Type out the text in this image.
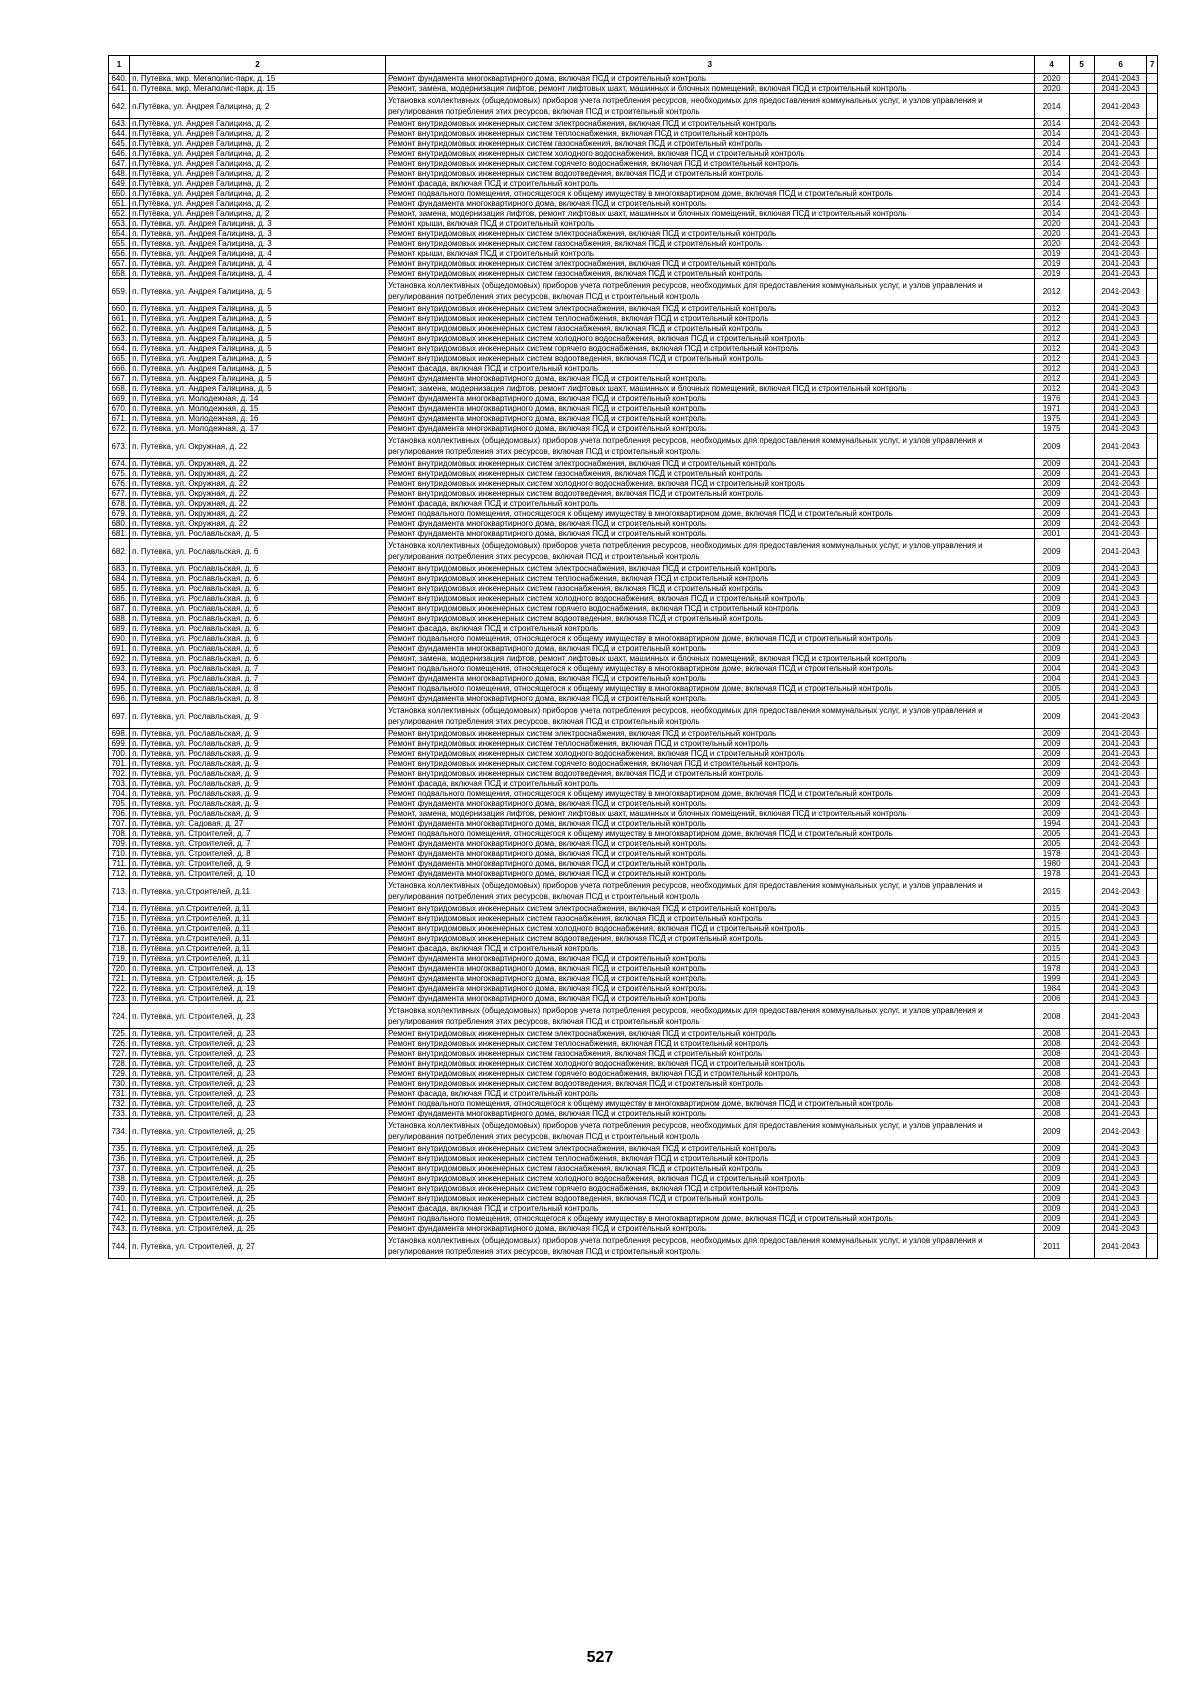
1	2	3	4	5	6	7
640.	п. Путевка, мкр. Мегаполис-парк, д. 15	Ремонт фундамента многоквартирного дома, включая ПСД и строительный контроль	2020		2041-2043	
641.	п. Путевка, мкр. Мегаполис-парк, д. 15	Ремонт, замена, модернизация лифтов, ремонт лифтовых шахт, машинных и блочных помещений, включая ПСД и строительный контроль	2020		2041-2043	
642.	п.Путёвка, ул. Андрея Галицина, д. 2	Установка коллективных (общедомовых) приборов учета потребления ресурсов, необходимых для предоставления коммунальных услуг, и узлов управления и регулирования потребления этих ресурсов, включая ПСД и строительный контроль	2014		2041-2043	
643.	п.Путёвка, ул. Андрея Галицина, д. 2	Ремонт внутридомовых инженерных систем электроснабжения, включая ПСД и строительный контроль	2014		2041-2043	
644.	п.Путёвка, ул. Андрея Галицина, д. 2	Ремонт внутридомовых инженерных систем теплоснабжения, включая ПСД и строительный контроль	2014		2041-2043	
645.	п.Путёвка, ул. Андрея Галицина, д. 2	Ремонт внутридомовых инженерных систем газоснабжения, включая ПСД и строительный контроль	2014		2041-2043	
646.	п.Путёвка, ул. Андрея Галицина, д. 2	Ремонт внутридомовых инженерных систем холодного водоснабжения, включая ПСД и строительный контроль	2014		2041-2043	
647.	п.Путёвка, ул. Андрея Галицина, д. 2	Ремонт внутридомовых инженерных систем горячего водоснабжения, включая ПСД и строительный контроль	2014		2041-2043	
648.	п.Путёвка, ул. Андрея Галицина, д. 2	Ремонт внутридомовых инженерных систем водоотведения, включая ПСД и строительный контроль	2014		2041-2043	
649.	п.Путёвка, ул. Андрея Галицина, д. 2	Ремонт фасада, включая ПСД и строительный контроль	2014		2041-2043	
650.	п.Путёвка, ул. Андрея Галицина, д. 2	Ремонт подвального помещения, относящегося к общему имуществу в многоквартирном доме, включая ПСД и строительный контроль	2014		2041-2043	
651.	п.Путёвка, ул. Андрея Галицина, д. 2	Ремонт фундамента многоквартирного дома, включая ПСД и строительный контроль	2014		2041-2043	
652.	п.Путёвка, ул. Андрея Галицина, д. 2	Ремонт, замена, модернизация лифтов, ремонт лифтовых шахт, машинных и блочных помещений, включая ПСД и строительный контроль	2014		2041-2043	
653.	п. Путевка, ул. Андрея Галицина, д. 3	Ремонт крыши, включая ПСД и строительный контроль	2020		2041-2043	
654.	п. Путевка, ул. Андрея Галицина, д. 3	Ремонт внутридомовых инженерных систем электроснабжения, включая ПСД и строительный контроль	2020		2041-2043	
655.	п. Путевка, ул. Андрея Галицина, д. 3	Ремонт внутридомовых инженерных систем газоснабжения, включая ПСД и строительный контроль	2020		2041-2043	
656.	п. Путевка, ул. Андрея Галицина, д. 4	Ремонт крыши, включая ПСД и строительный контроль	2019		2041-2043	
657.	п. Путевка, ул. Андрея Галицина, д. 4	Ремонт внутридомовых инженерных систем электроснабжения, включая ПСД и строительный контроль	2019		2041-2043	
658.	п. Путевка, ул. Андрея Галицина, д. 4	Ремонт внутридомовых инженерных систем газоснабжения, включая ПСД и строительный контроль	2019		2041-2043	
659.	п. Путевка, ул. Андрея Галицина, д. 5	Установка коллективных (общедомовых) приборов учета потребления ресурсов, необходимых для предоставления коммунальных услуг, и узлов управления и регулирования потребления этих ресурсов, включая ПСД и строительный контроль	2012		2041-2043	
660.	п. Путевка, ул. Андрея Галицина, д. 5	Ремонт внутридомовых инженерных систем электроснабжения, включая ПСД и строительный контроль	2012		2041-2043	
661.	п. Путевка, ул. Андрея Галицина, д. 5	Ремонт внутридомовых инженерных систем теплоснабжения, включая ПСД и строительный контроль	2012		2041-2043	
662.	п. Путевка, ул. Андрея Галицина, д. 5	Ремонт внутридомовых инженерных систем газоснабжения, включая ПСД и строительный контроль	2012		2041-2043	
663.	п. Путевка, ул. Андрея Галицина, д. 5	Ремонт внутридомовых инженерных систем холодного водоснабжения, включая ПСД и строительный контроль	2012		2041-2043	
664.	п. Путевка, ул. Андрея Галицина, д. 5	Ремонт внутридомовых инженерных систем горячего водоснабжения, включая ПСД и строительный контроль	2012		2041-2043	
665.	п. Путевка, ул. Андрея Галицина, д. 5	Ремонт внутридомовых инженерных систем водоотведения, включая ПСД и строительный контроль	2012		2041-2043	
666.	п. Путевка, ул. Андрея Галицина, д. 5	Ремонт фасада, включая ПСД и строительный контроль	2012		2041-2043	
667.	п. Путевка, ул. Андрея Галицина, д. 5	Ремонт фундамента многоквартирного дома, включая ПСД и строительный контроль	2012		2041-2043	
668.	п. Путевка, ул. Андрея Галицина, д. 5	Ремонт, замена, модернизация лифтов, ремонт лифтовых шахт, машинных и блочных помещений, включая ПСД и строительный контроль	2012		2041-2043	
669.	п. Путевка, ул. Молодежная, д. 14	Ремонт фундамента многоквартирного дома, включая ПСД и строительный контроль	1976		2041-2043	
670.	п. Путевка, ул. Молодежная, д. 15	Ремонт фундамента многоквартирного дома, включая ПСД и строительный контроль	1971		2041-2043	
671.	п. Путевка, ул. Молодежная, д. 16	Ремонт фундамента многоквартирного дома, включая ПСД и строительный контроль	1975		2041-2043	
672.	п. Путевка, ул. Молодежная, д. 17	Ремонт фундамента многоквартирного дома, включая ПСД и строительный контроль	1975		2041-2043	
673.	п. Путевка, ул. Окружная, д. 22	Установка коллективных (общедомовых) приборов учета потребления ресурсов, необходимых для предоставления коммунальных услуг, и узлов управления и регулирования потребления этих ресурсов, включая ПСД и строительный контроль	2009		2041-2043	
674.	п. Путевка, ул. Окружная, д. 22	Ремонт внутридомовых инженерных систем электроснабжения, включая ПСД и строительный контроль	2009		2041-2043	
675.	п. Путевка, ул. Окружная, д. 22	Ремонт внутридомовых инженерных систем газоснабжения, включая ПСД и строительный контроль	2009		2041-2043	
676.	п. Путевка, ул. Окружная, д. 22	Ремонт внутридомовых инженерных систем холодного водоснабжения, включая ПСД и строительный контроль	2009		2041-2043	
677.	п. Путевка, ул. Окружная, д. 22	Ремонт внутридомовых инженерных систем водоотведения, включая ПСД и строительный контроль	2009		2041-2043	
678.	п. Путевка, ул. Окружная, д. 22	Ремонт фасада, включая ПСД и строительный контроль	2009		2041-2043	
679.	п. Путевка, ул. Окружная, д. 22	Ремонт подвального помещения, относящегося к общему имуществу в многоквартирном доме, включая ПСД и строительный контроль	2009		2041-2043	
680.	п. Путевка, ул. Окружная, д. 22	Ремонт фундамента многоквартирного дома, включая ПСД и строительный контроль	2009		2041-2043	
681.	п. Путевка, ул. Рославльская, д. 5	Ремонт фундамента многоквартирного дома, включая ПСД и строительный контроль	2001		2041-2043	
682.	п. Путевка, ул. Рославльская, д. 6	Установка коллективных (общедомовых) приборов учета потребления ресурсов, необходимых для предоставления коммунальных услуг, и узлов управления и регулирования потребления этих ресурсов, включая ПСД и строительный контроль	2009		2041-2043	
683.	п. Путевка, ул. Рославльская, д. 6	Ремонт внутридомовых инженерных систем электроснабжения, включая ПСД и строительный контроль	2009		2041-2043	
684.	п. Путевка, ул. Рославльская, д. 6	Ремонт внутридомовых инженерных систем теплоснабжения, включая ПСД и строительный контроль	2009		2041-2043	
685.	п. Путевка, ул. Рославльская, д. 6	Ремонт внутридомовых инженерных систем газоснабжения, включая ПСД и строительный контроль	2009		2041-2043	
686.	п. Путевка, ул. Рославльская, д. 6	Ремонт внутридомовых инженерных систем холодного водоснабжения, включая ПСД и строительный контроль	2009		2041-2043	
687.	п. Путевка, ул. Рославльская, д. 6	Ремонт внутридомовых инженерных систем горячего водоснабжения, включая ПСД и строительный контроль	2009		2041-2043	
688.	п. Путевка, ул. Рославльская, д. 6	Ремонт внутридомовых инженерных систем водоотведения, включая ПСД и строительный контроль	2009		2041-2043	
689.	п. Путевка, ул. Рославльская, д. 6	Ремонт фасада, включая ПСД и строительный контроль	2009		2041-2043	
690.	п. Путевка, ул. Рославльская, д. 6	Ремонт подвального помещения, относящегося к общему имуществу в многоквартирном доме, включая ПСД и строительный контроль	2009		2041-2043	
691.	п. Путевка, ул. Рославльская, д. 6	Ремонт фундамента многоквартирного дома, включая ПСД и строительный контроль	2009		2041-2043	
692.	п. Путевка, ул. Рославльская, д. 6	Ремонт, замена, модернизация лифтов, ремонт лифтовых шахт, машинных и блочных помещений, включая ПСД и строительный контроль	2009		2041-2043	
693.	п. Путевка, ул. Рославльская, д. 7	Ремонт подвального помещения, относящегося к общему имуществу в многоквартирном доме, включая ПСД и строительный контроль	2004		2041-2043	
694.	п. Путевка, ул. Рославльская, д. 7	Ремонт фундамента многоквартирного дома, включая ПСД и строительный контроль	2004		2041-2043	
695.	п. Путевка, ул. Рославльская, д. 8	Ремонт подвального помещения, относящегося к общему имуществу в многоквартирном доме, включая ПСД и строительный контроль	2005		2041-2043	
696.	п. Путевка, ул. Рославльская, д. 8	Ремонт фундамента многоквартирного дома, включая ПСД и строительный контроль	2005		2041-2043	
697.	п. Путевка, ул. Рославльская, д. 9	Установка коллективных (общедомовых) приборов учета потребления ресурсов, необходимых для предоставления коммунальных услуг, и узлов управления и регулирования потребления этих ресурсов, включая ПСД и строительный контроль	2009		2041-2043	
698.	п. Путевка, ул. Рославльская, д. 9	Ремонт внутридомовых инженерных систем электроснабжения, включая ПСД и строительный контроль	2009		2041-2043	
699.	п. Путевка, ул. Рославльская, д. 9	Ремонт внутридомовых инженерных систем теплоснабжения, включая ПСД и строительный контроль	2009		2041-2043	
700.	п. Путевка, ул. Рославльская, д. 9	Ремонт внутридомовых инженерных систем холодного водоснабжения, включая ПСД и строительный контроль	2009		2041-2043	
701.	п. Путевка, ул. Рославльская, д. 9	Ремонт внутридомовых инженерных систем горячего водоснабжения, включая ПСД и строительный контроль	2009		2041-2043	
702.	п. Путевка, ул. Рославльская, д. 9	Ремонт внутридомовых инженерных систем водоотведения, включая ПСД и строительный контроль	2009		2041-2043	
703.	п. Путевка, ул. Рославльская, д. 9	Ремонт фасада, включая ПСД и строительный контроль	2009		2041-2043	
704.	п. Путевка, ул. Рославльская, д. 9	Ремонт подвального помещения, относящегося к общему имуществу в многоквартирном доме, включая ПСД и строительный контроль	2009		2041-2043	
705.	п. Путевка, ул. Рославльская, д. 9	Ремонт фундамента многоквартирного дома, включая ПСД и строительный контроль	2009		2041-2043	
706.	п. Путевка, ул. Рославльская, д. 9	Ремонт, замена, модернизация лифтов, ремонт лифтовых шахт, машинных и блочных помещений, включая ПСД и строительный контроль	2009		2041-2043	
707.	п. Путевка, ул. Садовая, д. 27	Ремонт фундамента многоквартирного дома, включая ПСД и строительный контроль	1994		2041-2043	
708.	п. Путевка, ул. Строителей, д. 7	Ремонт подвального помещения, относящегося к общему имуществу в многоквартирном доме, включая ПСД и строительный контроль	2005		2041-2043	
709.	п. Путевка, ул. Строителей, д. 7	Ремонт фундамента многоквартирного дома, включая ПСД и строительный контроль	2005		2041-2043	
710.	п. Путевка, ул. Строителей, д. 8	Ремонт фундамента многоквартирного дома, включая ПСД и строительный контроль	1978		2041-2043	
711.	п. Путевка, ул. Строителей, д. 9	Ремонт фундамента многоквартирного дома, включая ПСД и строительный контроль	1980		2041-2043	
712.	п. Путевка, ул. Строителей, д. 10	Ремонт фундамента многоквартирного дома, включая ПСД и строительный контроль	1978		2041-2043	
713.	п. Путевка, ул.Строителей, д.11	Установка коллективных (общедомовых) приборов учета потребления ресурсов, необходимых для предоставления коммунальных услуг, и узлов управления и регулирования потребления этих ресурсов, включая ПСД и строительный контроль	2015		2041-2043	
714.	п. Путёвка, ул.Строителей, д.11	Ремонт внутридомовых инженерных систем электроснабжения, включая ПСД и строительный контроль	2015		2041-2043	
715.	п. Путёвка, ул.Строителей, д.11	Ремонт внутридомовых инженерных систем газоснабжения, включая ПСД и строительный контроль	2015		2041-2043	
716.	п. Путёвка, ул.Строителей, д.11	Ремонт внутридомовых инженерных систем холодного водоснабжения, включая ПСД и строительный контроль	2015		2041-2043	
717.	п. Путёвка, ул.Строителей, д.11	Ремонт внутридомовых инженерных систем водоотведения, включая ПСД и строительный контроль	2015		2041-2043	
718.	п. Путёвка, ул.Строителей, д.11	Ремонт фасада, включая ПСД и строительный контроль	2015		2041-2043	
719.	п. Путёвка, ул.Строителей, д.11	Ремонт фундамента многоквартирного дома, включая ПСД и строительный контроль	2015		2041-2043	
720.	п. Путевка, ул. Строителей, д. 13	Ремонт фундамента многоквартирного дома, включая ПСД и строительный контроль	1978		2041-2043	
721.	п. Путевка, ул. Строителей, д. 15	Ремонт фундамента многоквартирного дома, включая ПСД и строительный контроль	1999		2041-2043	
722.	п. Путевка, ул. Строителей, д. 19	Ремонт фундамента многоквартирного дома, включая ПСД и строительный контроль	1984		2041-2043	
723.	п. Путевка, ул. Строителей, д. 21	Ремонт фундамента многоквартирного дома, включая ПСД и строительный контроль	2006		2041-2043	
724.	п. Путевка, ул. Строителей, д. 23	Установка коллективных (общедомовых) приборов учета потребления ресурсов, необходимых для предоставления коммунальных услуг, и узлов управления и регулирования потребления этих ресурсов, включая ПСД и строительный контроль	2008		2041-2043	
725.	п. Путевка, ул. Строителей, д. 23	Ремонт внутридомовых инженерных систем электроснабжения, включая ПСД и строительный контроль	2008		2041-2043	
726.	п. Путевка, ул. Строителей, д. 23	Ремонт внутридомовых инженерных систем теплоснабжения, включая ПСД и строительный контроль	2008		2041-2043	
727.	п. Путевка, ул. Строителей, д. 23	Ремонт внутридомовых инженерных систем газоснабжения, включая ПСД и строительный контроль	2008		2041-2043	
728.	п. Путевка, ул. Строителей, д. 23	Ремонт внутридомовых инженерных систем холодного водоснабжения, включая ПСД и строительный контроль	2008		2041-2043	
729.	п. Путевка, ул. Строителей, д. 23	Ремонт внутридомовых инженерных систем горячего водоснабжения, включая ПСД и строительный контроль	2008		2041-2043	
730.	п. Путевка, ул. Строителей, д. 23	Ремонт внутридомовых инженерных систем водоотведения, включая ПСД и строительный контроль	2008		2041-2043	
731.	п. Путевка, ул. Строителей, д. 23	Ремонт фасада, включая ПСД и строительный контроль	2008		2041-2043	
732.	п. Путевка, ул. Строителей, д. 23	Ремонт подвального помещения, относящегося к общему имуществу в многоквартирном доме, включая ПСД и строительный контроль	2008		2041-2043	
733.	п. Путевка, ул. Строителей, д. 23	Ремонт фундамента многоквартирного дома, включая ПСД и строительный контроль	2008		2041-2043	
734.	п. Путевка, ул. Строителей, д. 25	Установка коллективных (общедомовых) приборов учета потребления ресурсов, необходимых для предоставления коммунальных услуг, и узлов управления и регулирования потребления этих ресурсов, включая ПСД и строительный контроль	2009		2041-2043	
735.	п. Путевка, ул. Строителей, д. 25	Ремонт внутридомовых инженерных систем электроснабжения, включая ПСД и строительный контроль	2009		2041-2043	
736.	п. Путевка, ул. Строителей, д. 25	Ремонт внутридомовых инженерных систем теплоснабжения, включая ПСД и строительный контроль	2009		2041-2043	
737.	п. Путевка, ул. Строителей, д. 25	Ремонт внутридомовых инженерных систем газоснабжения, включая ПСД и строительный контроль	2009		2041-2043	
738.	п. Путевка, ул. Строителей, д. 25	Ремонт внутридомовых инженерных систем холодного водоснабжения, включая ПСД и строительный контроль	2009		2041-2043	
739.	п. Путевка, ул. Строителей, д. 25	Ремонт внутридомовых инженерных систем горячего водоснабжения, включая ПСД и строительный контроль	2009		2041-2043	
740.	п. Путевка, ул. Строителей, д. 25	Ремонт внутридомовых инженерных систем водоотведения, включая ПСД и строительный контроль	2009		2041-2043	
741.	п. Путевка, ул. Строителей, д. 25	Ремонт фасада, включая ПСД и строительный контроль	2009		2041-2043	
742.	п. Путевка, ул. Строителей, д. 25	Ремонт подвального помещения, относящегося к общему имуществу в многоквартирном доме, включая ПСД и строительный контроль	2009		2041-2043	
743.	п. Путевка, ул. Строителей, д. 25	Ремонт фундамента многоквартирного дома, включая ПСД и строительный контроль	2009		2041-2043	
744.	п. Путевка, ул. Строителей, д. 27	Установка коллективных (общедомовых) приборов учета потребления ресурсов, необходимых для предоставления коммунальных услуг, и узлов управления и регулирования потребления этих ресурсов, включая ПСД и строительный контроль	2011		2041-2043	
527
